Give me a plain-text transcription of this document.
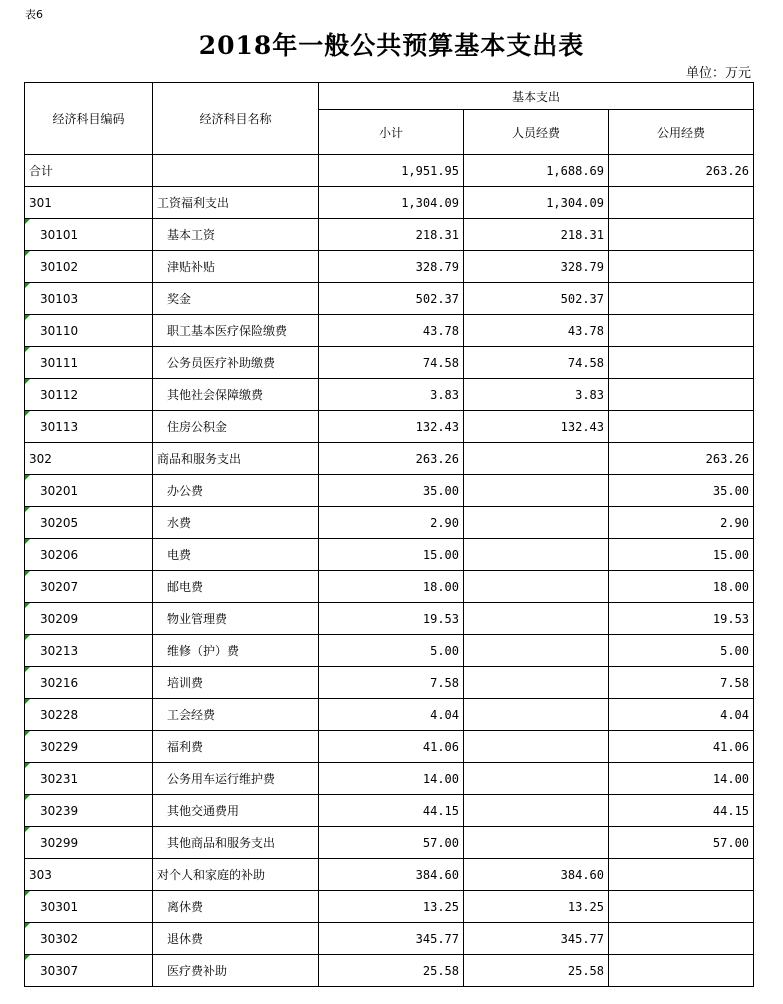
表6
2018年一般公共预算基本支出表
单位：万元
经济科目编码	经济科目名称	基本支出		
		小计	人员经费	公用经费
合计		1,951.95	1,688.69	263.26
301	工资福利支出	1,304.09	1,304.09	
30101	基本工资	218.31	218.31	
30102	津贴补贴	328.79	328.79	
30103	奖金	502.37	502.37	
30110	职工基本医疗保险缴费	43.78	43.78	
30111	公务员医疗补助缴费	74.58	74.58	
30112	其他社会保障缴费	3.83	3.83	
30113	住房公积金	132.43	132.43	
302	商品和服务支出	263.26		263.26
30201	办公费	35.00		35.00
30205	水费	2.90		2.90
30206	电费	15.00		15.00
30207	邮电费	18.00		18.00
30209	物业管理费	19.53		19.53
30213	维修（护）费	5.00		5.00
30216	培训费	7.58		7.58
30228	工会经费	4.04		4.04
30229	福利费	41.06		41.06
30231	公务用车运行维护费	14.00		14.00
30239	其他交通费用	44.15		44.15
30299	其他商品和服务支出	57.00		57.00
303	对个人和家庭的补助	384.60	384.60	
30301	离休费	13.25	13.25	
30302	退休费	345.77	345.77	
30307	医疗费补助	25.58	25.58	
